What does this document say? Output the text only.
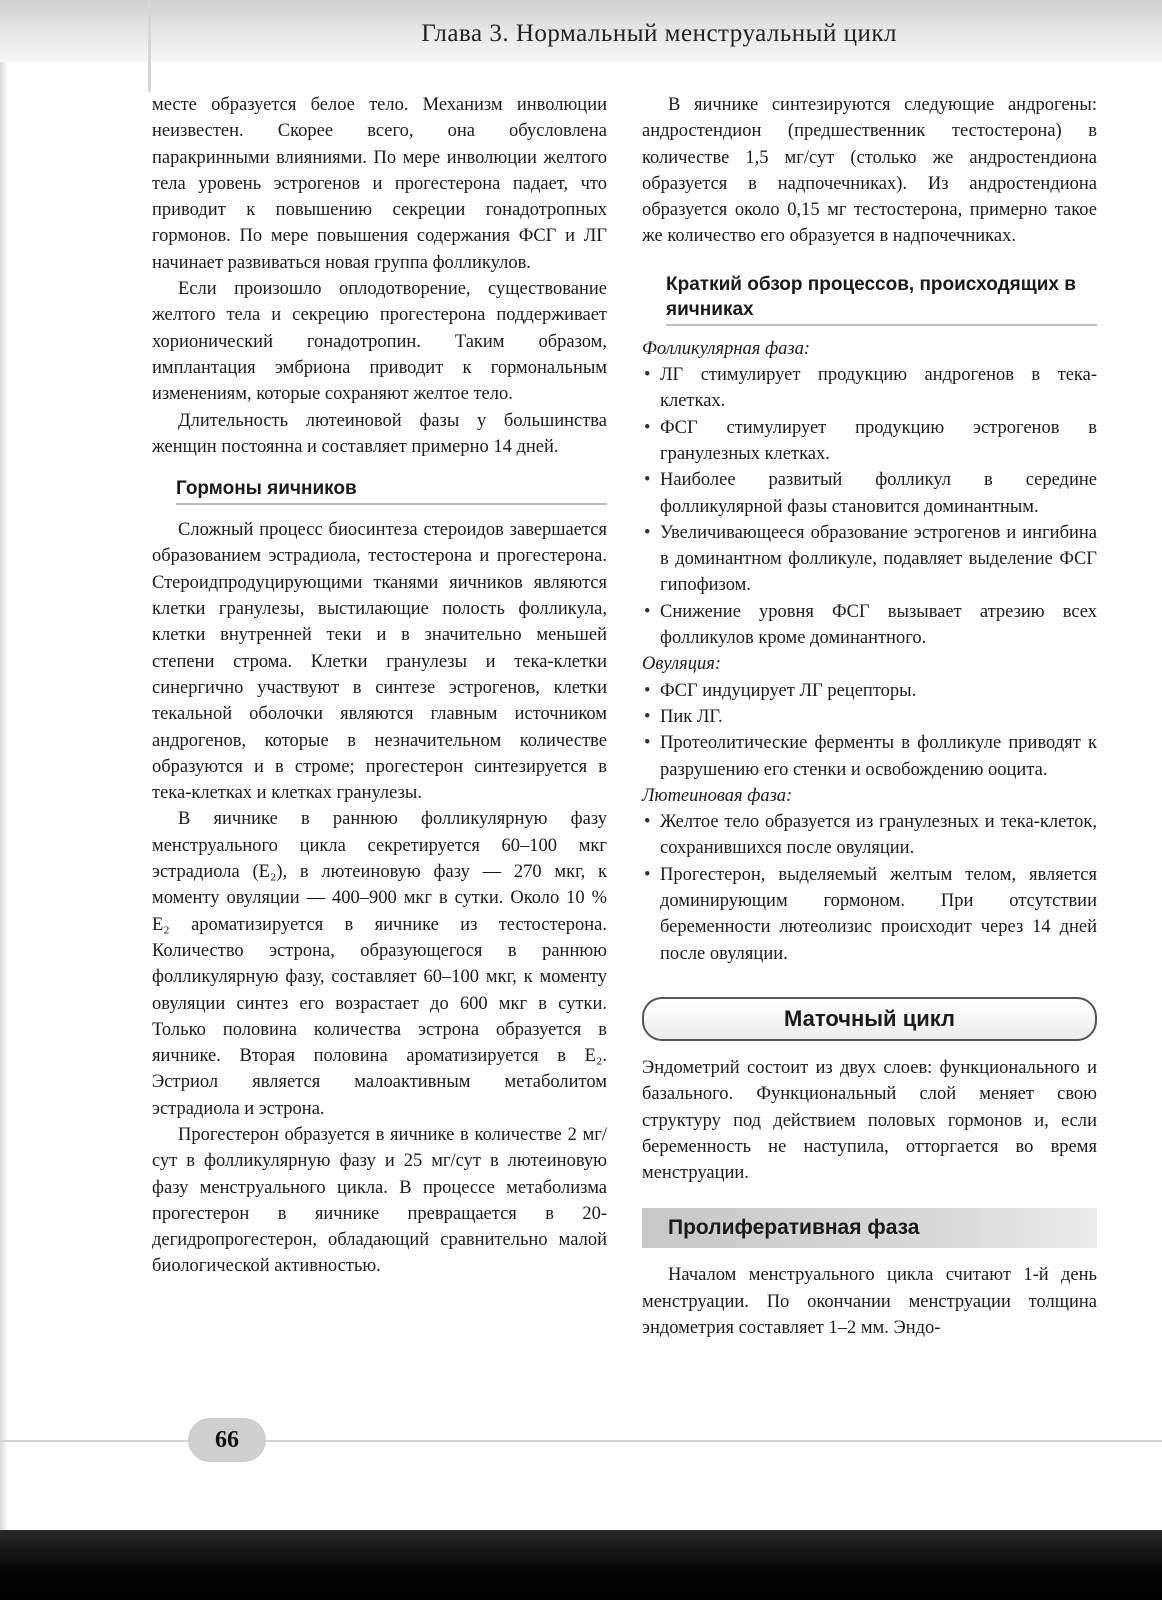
Глава 3. Нормальный менструальный цикл

месте образуется белое тело. Механизм инволюции неизвестен. Скорее всего, она обусловлена паракринными влияниями. По мере инволюции желтого тела уровень эстрогенов и прогестерона падает, что приводит к повышению секреции гонадотропных гормонов. По мере повышения содержания ФСГ и ЛГ начинает развиваться новая группа фолликулов.

Если произошло оплодотворение, существование желтого тела и секрецию прогестерона поддерживает хорионический гонадотропин. Таким образом, имплантация эмбриона приводит к гормональным изменениям, которые сохраняют желтое тело.

Длительность лютеиновой фазы у большинства женщин постоянна и составляет примерно 14 дней.

Гормоны яичников

Сложный процесс биосинтеза стероидов завершается образованием эстрадиола, тестостерона и прогестерона. Стероидпродуцирующими тканями яичников являются клетки гранулезы, выстилающие полость фолликула, клетки внутренней теки и в значительно меньшей степени строма. Клетки гранулезы и тека-клетки синергично участвуют в синтезе эстрогенов, клетки текальной оболочки являются главным источником андрогенов, которые в незначительном количестве образуются и в строме; прогестерон синтезируется в тека-клетках и клетках гранулезы.

В яичнике в раннюю фолликулярную фазу менструального цикла секретируется 60–100 мкг эстрадиола (E₂), в лютеиновую фазу — 270 мкг, к моменту овуляции — 400–900 мкг в сутки. Около 10 % E₂ ароматизируется в яичнике из тестостерона. Количество эстрона, образующегося в раннюю фолликулярную фазу, составляет 60–100 мкг, к моменту овуляции синтез его возрастает до 600 мкг в сутки. Только половина количества эстрона образуется в яичнике. Вторая половина ароматизируется в E₂. Эстриол является малоактивным метаболитом эстрадиола и эстрона.

Прогестерон образуется в яичнике в количестве 2 мг/сут в фолликулярную фазу и 25 мг/сут в лютеиновую фазу менструального цикла. В процессе метаболизма прогестерон в яичнике превращается в 20-дегидропрогестерон, обладающий сравнительно малой биологической активностью.

В яичнике синтезируются следующие андрогены: андростендион (предшественник тестостерона) в количестве 1,5 мг/сут (столько же андростендиона образуется в надпочечниках). Из андростендиона образуется около 0,15 мг тестостерона, примерно такое же количество его образуется в надпочечниках.

Краткий обзор процессов, происходящих в яичниках

Фолликулярная фаза:

• ЛГ стимулирует продукцию андрогенов в тека-клетках.
• ФСГ стимулирует продукцию эстрогенов в гранулезных клетках.
• Наиболее развитый фолликул в середине фолликулярной фазы становится доминантным.
• Увеличивающееся образование эстрогенов и ингибина в доминантном фолликуле, подавляет выделение ФСГ гипофизом.
• Снижение уровня ФСГ вызывает атрезию всех фолликулов кроме доминантного.

Овуляция:

• ФСГ индуцирует ЛГ рецепторы.
• Пик ЛГ.
• Протеолитические ферменты в фолликуле приводят к разрушению его стенки и освобождению ооцита.

Лютеиновая фаза:

• Желтое тело образуется из гранулезных и тека-клеток, сохранившихся после овуляции.
• Прогестерон, выделяемый желтым телом, является доминирующим гормоном. При отсутствии беременности лютеолизис происходит через 14 дней после овуляции.
Маточный цикл

Эндометрий состоит из двух слоев: функционального и базального. Функциональный слой меняет свою структуру под действием половых гормонов и, если беременность не наступила, отторгается во время менструации.

Пролиферативная фаза

Началом менструального цикла считают 1-й день менструации. По окончании менструации толщина эндометрия составляет 1–2 мм. Эндо-

66
